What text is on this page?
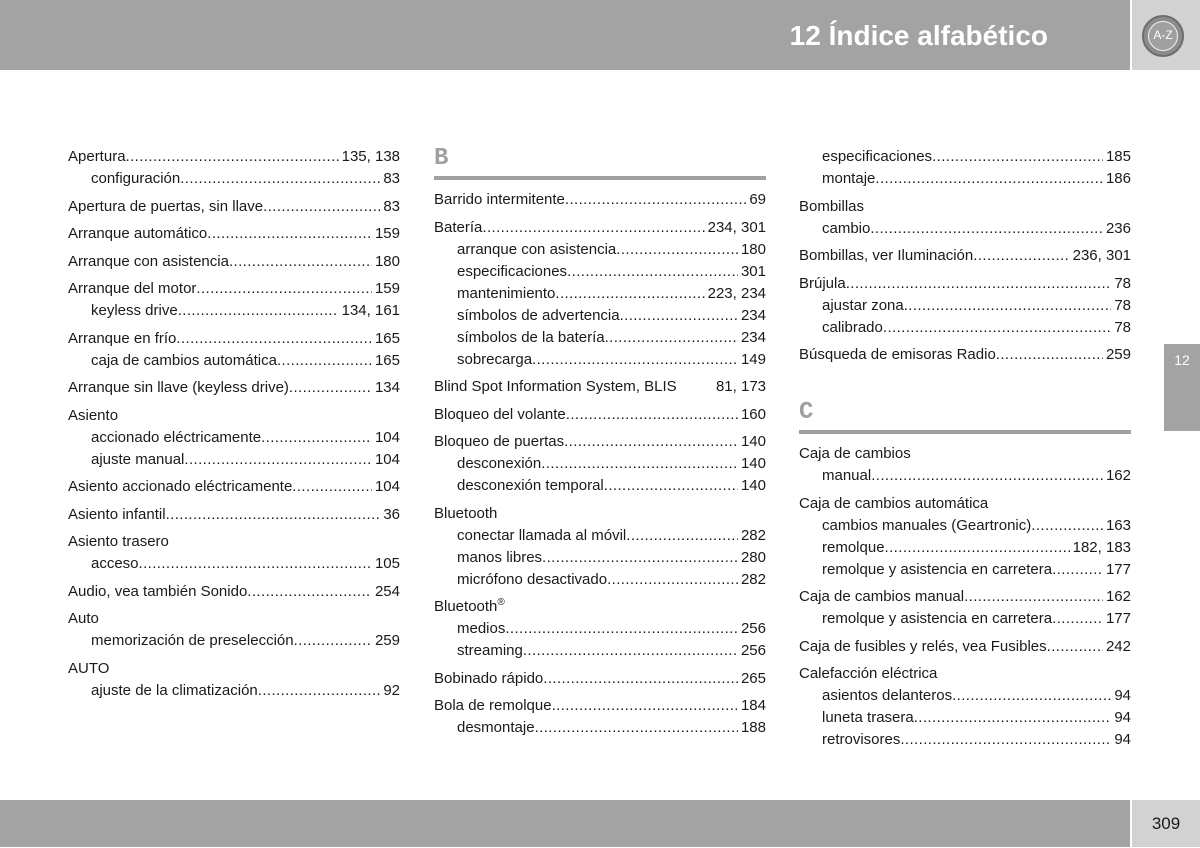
12 Índice alfabético	A-Z
Apertura .....	135, 138
configuración .....	83
Apertura de puertas, sin llave .....	83
Arranque automático .....	159
Arranque con asistencia .....	180
Arranque del motor .....	159
keyless drive .....	134, 161
Arranque en frío .....	165
caja de cambios automática .....	165
Arranque sin llave (keyless drive) .....	134
Asiento
accionado eléctricamente .....	104
ajuste manual .....	104
Asiento accionado eléctricamente .....	104
Asiento infantil .....	36
Asiento trasero
acceso .....	105
Audio, vea también Sonido .....	254
Auto
memorización de preselección .....	259
AUTO
ajuste de la climatización .....	92
B
Barrido intermitente .....	69
Batería .....	234, 301
arranque con asistencia .....	180
especificaciones .....	301
mantenimiento .....	223, 234
símbolos de advertencia .....	234
símbolos de la batería .....	234
sobrecarga .....	149
Blind Spot Information System, BLIS	81, 173
Bloqueo del volante .....	160
Bloqueo de puertas .....	140
desconexión .....	140
desconexión temporal .....	140
Bluetooth
conectar llamada al móvil .....	282
manos libres .....	280
micrófono desactivado .....	282
Bluetooth®
medios .....	256
streaming .....	256
Bobinado rápido .....	265
Bola de remolque .....	184
desmontaje .....	188
especificaciones .....	185
montaje .....	186
Bombillas
cambio .....	236
Bombillas, ver Iluminación .....	236, 301
Brújula .....	78
ajustar zona .....	78
calibrado .....	78
Búsqueda de emisoras Radio .....	259
C
Caja de cambios
manual .....	162
Caja de cambios automática
cambios manuales (Geartronic) .....	163
remolque .....	182, 183
remolque y asistencia en carretera .....	177
Caja de cambios manual .....	162
remolque y asistencia en carretera .....	177
Caja de fusibles y relés, vea Fusibles .....	242
Calefacción eléctrica
asientos delanteros .....	94
luneta trasera .....	94
retrovisores .....	94
12
309
